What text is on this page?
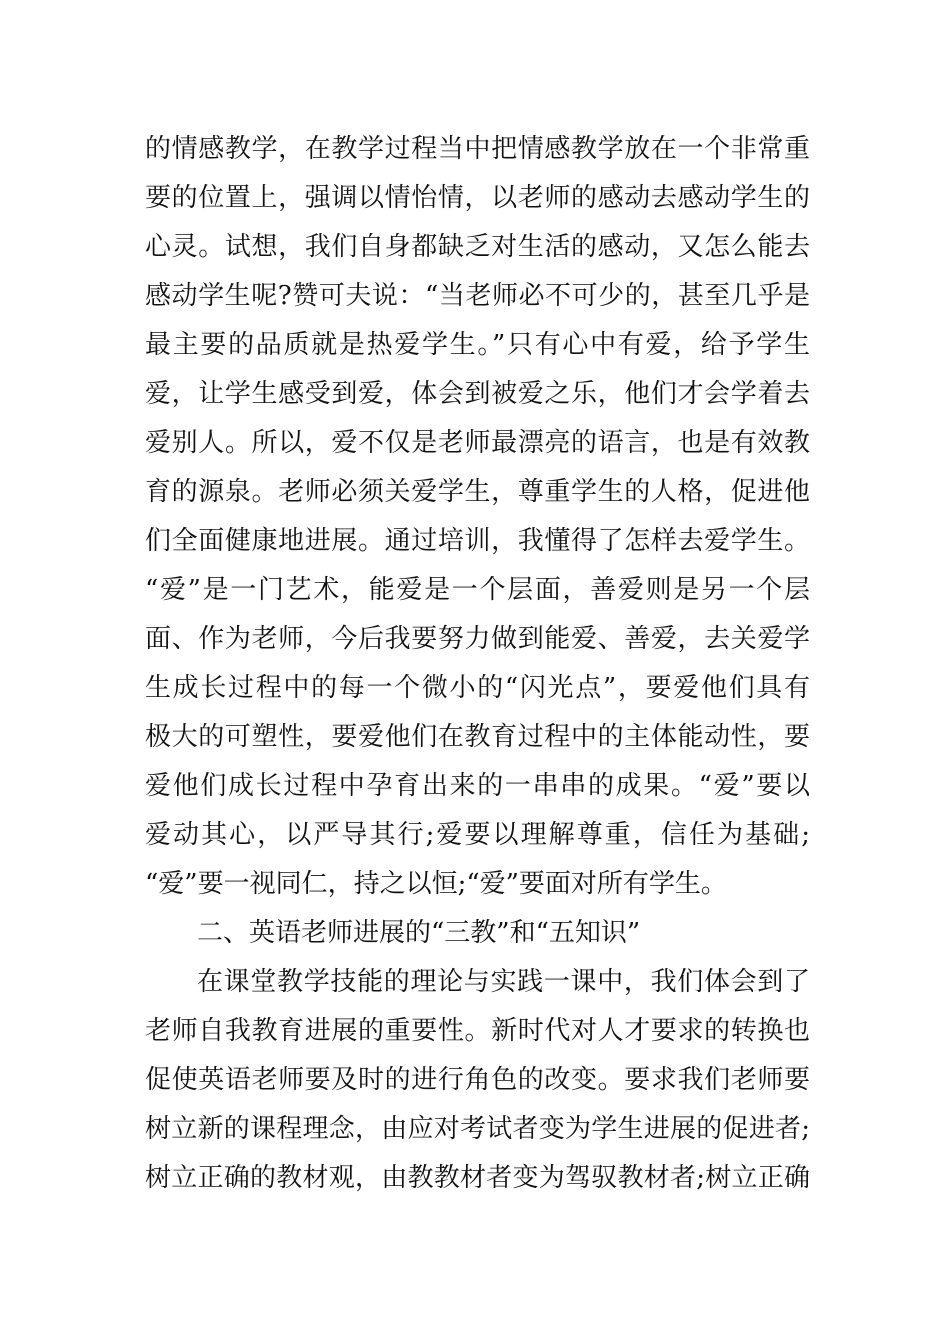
的情感教学，在教学过程当中把情感教学放在一个非常重
要的位置上，强调以情怡情，以老师的感动去感动学生的
心灵。试想，我们自身都缺乏对生活的感动，又怎么能去
感动学生呢?赞可夫说：“当老师必不可少的，甚至几乎是
最主要的品质就是热爱学生。”只有心中有爱，给予学生
爱，让学生感受到爱，体会到被爱之乐，他们才会学着去
爱别人。所以，爱不仅是老师最漂亮的语言，也是有效教
育的源泉。老师必须关爱学生，尊重学生的人格，促进他
们全面健康地进展。通过培训，我懂得了怎样去爱学生。
“爱”是一门艺术，能爱是一个层面，善爱则是另一个层
面、作为老师，今后我要努力做到能爱、善爱，去关爱学
生成长过程中的每一个微小的“闪光点”，要爱他们具有
极大的可塑性，要爱他们在教育过程中的主体能动性，要
爱他们成长过程中孕育出来的一串串的成果。“爱”要以
爱动其心，以严导其行;爱要以理解尊重，信任为基础;
“爱”要一视同仁，持之以恒;“爱”要面对所有学生。
二、英语老师进展的“三教”和“五知识”
在课堂教学技能的理论与实践一课中，我们体会到了
老师自我教育进展的重要性。新时代对人才要求的转换也
促使英语老师要及时的进行角色的改变。要求我们老师要
树立新的课程理念，由应对考试者变为学生进展的促进者;
树立正确的教材观，由教教材者变为驾驭教材者;树立正确
